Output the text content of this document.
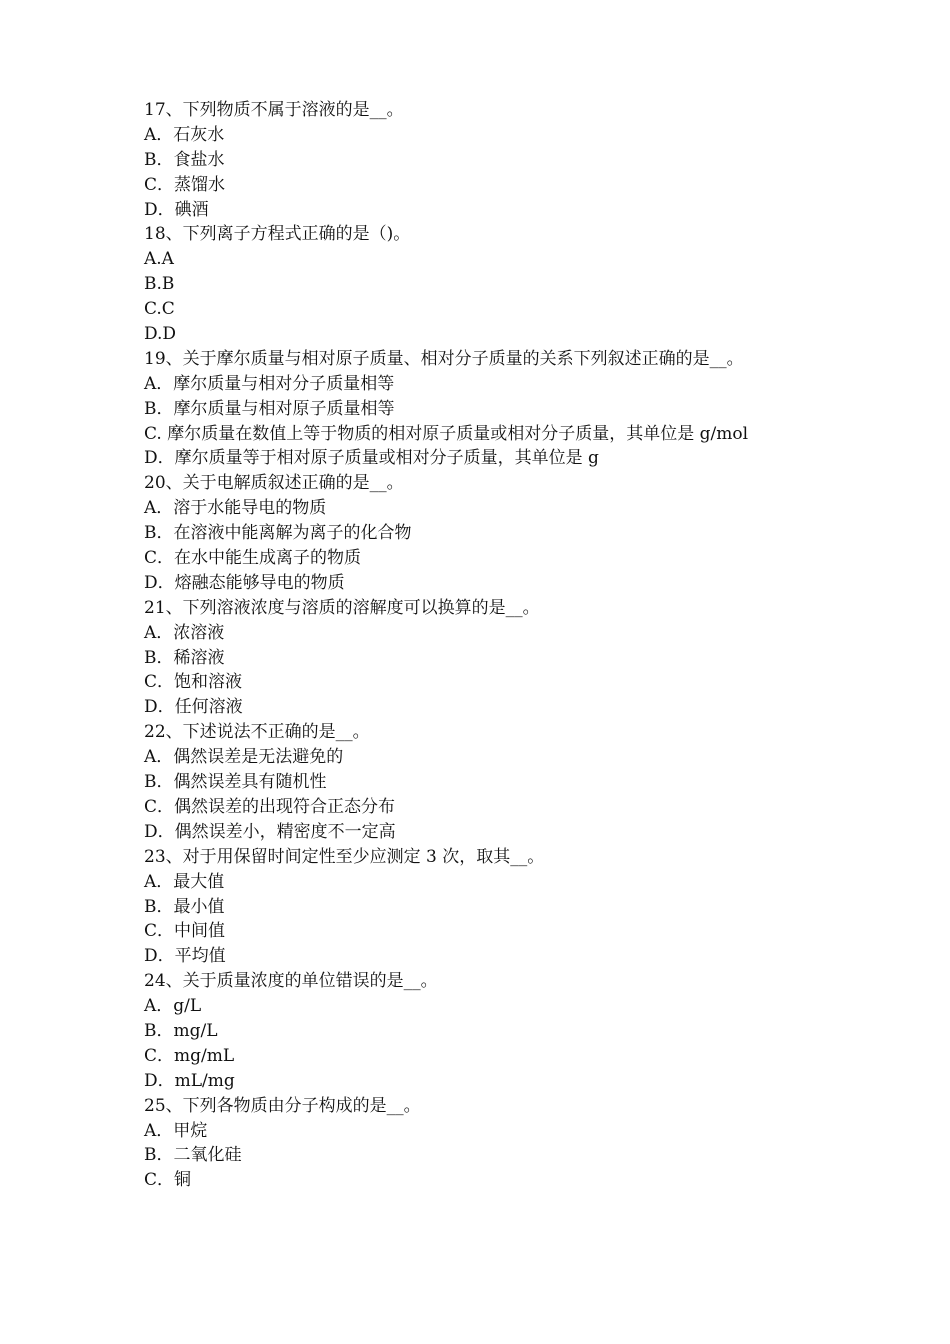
17、下列物质不属于溶液的是__。
A．石灰水
B．食盐水
C．蒸馏水
D．碘酒
18、下列离子方程式正确的是（)。
A.A
B.B
C.C
D.D
19、关于摩尔质量与相对原子质量、相对分子质量的关系下列叙述正确的是__。
A．摩尔质量与相对分子质量相等
B．摩尔质量与相对原子质量相等
C. 摩尔质量在数值上等于物质的相对原子质量或相对分子质量，其单位是 g/mol
D．摩尔质量等于相对原子质量或相对分子质量，其单位是 g
20、关于电解质叙述正确的是__。
A．溶于水能导电的物质
B．在溶液中能离解为离子的化合物
C．在水中能生成离子的物质
D．熔融态能够导电的物质
21、下列溶液浓度与溶质的溶解度可以换算的是__。
A．浓溶液
B．稀溶液
C．饱和溶液
D．任何溶液
22、下述说法不正确的是__。
A．偶然误差是无法避免的
B．偶然误差具有随机性
C．偶然误差的出现符合正态分布
D．偶然误差小，精密度不一定高
23、对于用保留时间定性至少应测定 3 次，取其__。
A．最大值
B．最小值
C．中间值
D．平均值
24、关于质量浓度的单位错误的是__。
A．g/L
B．mg/L
C．mg/mL
D．mL/mg
25、下列各物质由分子构成的是__。
A．甲烷
B．二氧化硅
C．铜
